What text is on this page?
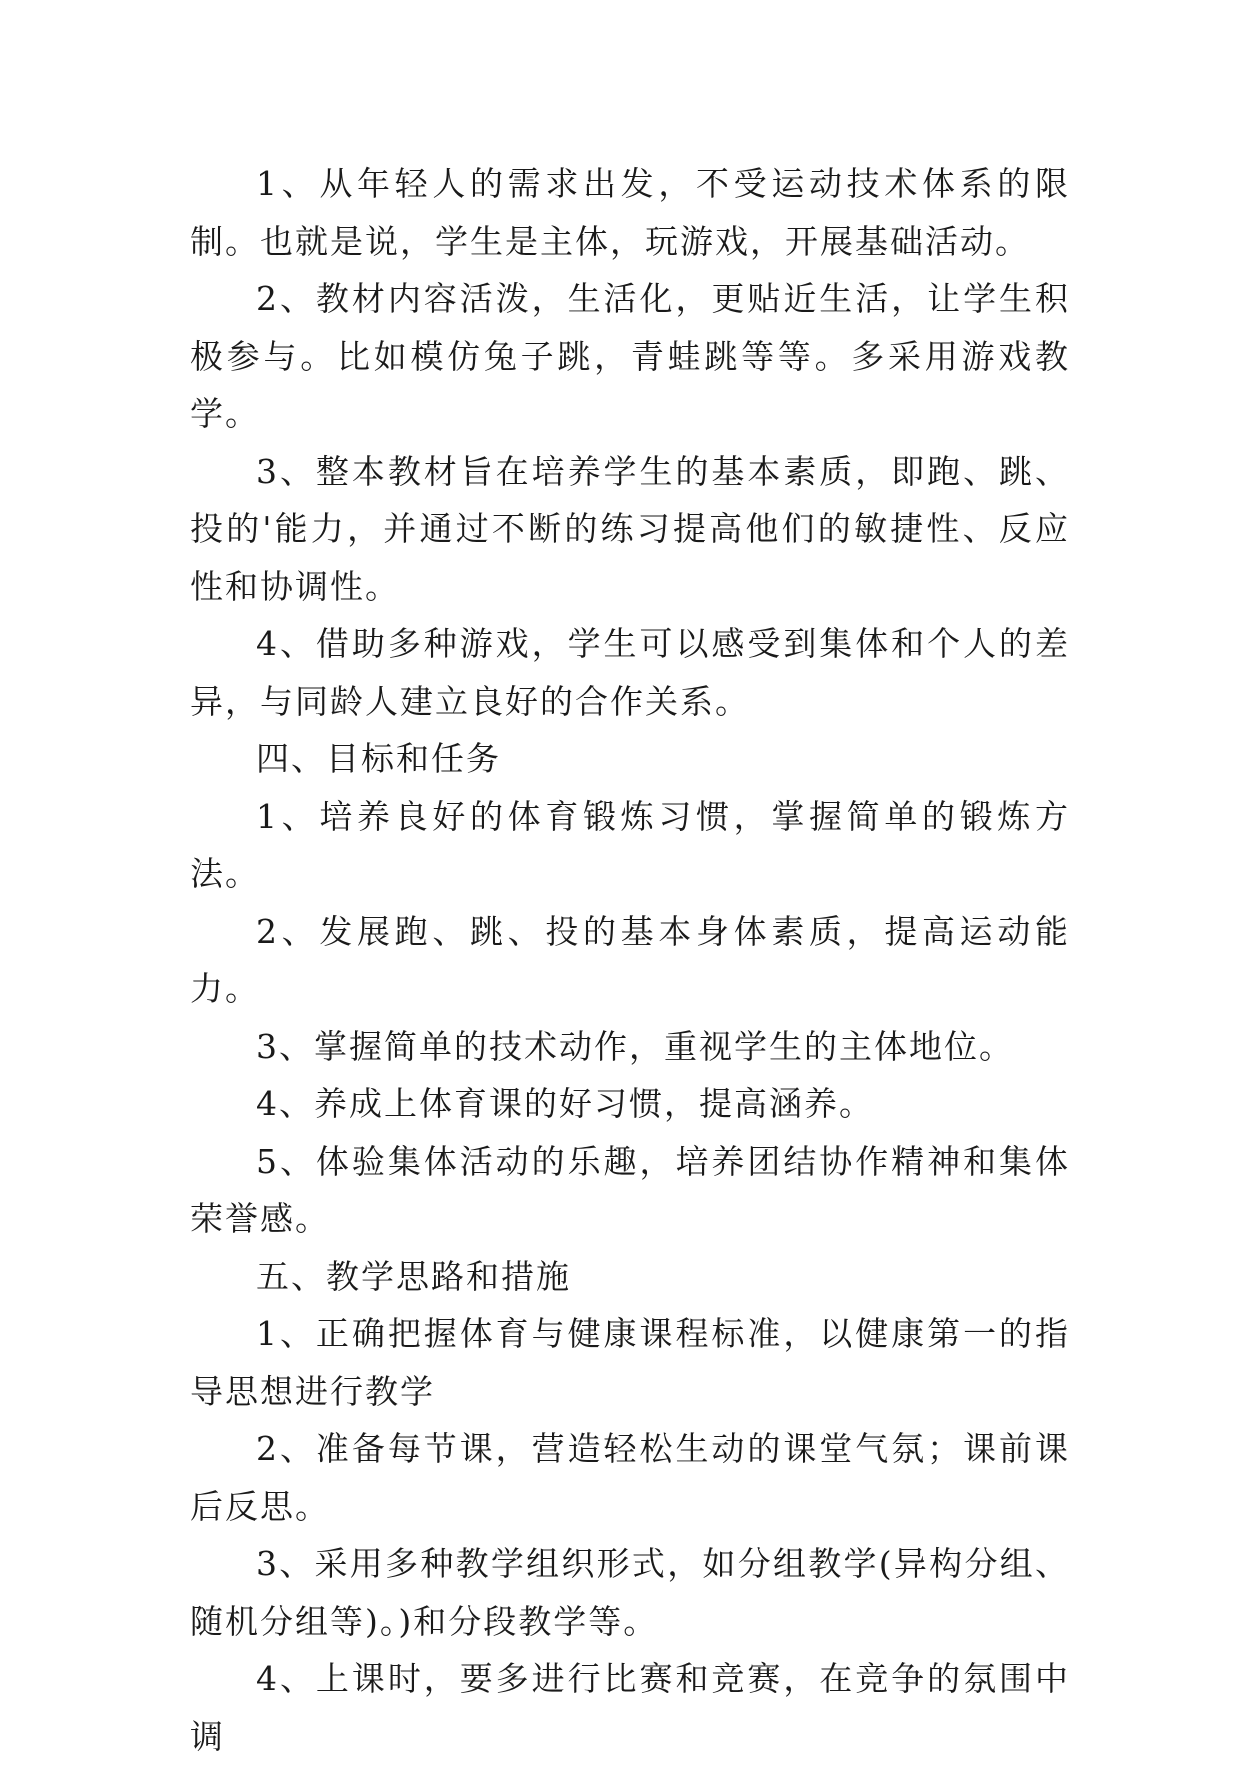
1、从年轻人的需求出发，不受运动技术体系的限制。也就是说，学生是主体，玩游戏，开展基础活动。

2、教材内容活泼，生活化，更贴近生活，让学生积极参与。比如模仿兔子跳，青蛙跳等等。多采用游戏教学。

3、整本教材旨在培养学生的基本素质，即跑、跳、投的'能力，并通过不断的练习提高他们的敏捷性、反应性和协调性。

4、借助多种游戏，学生可以感受到集体和个人的差异，与同龄人建立良好的合作关系。

四、目标和任务

1、培养良好的体育锻炼习惯，掌握简单的锻炼方法。

2、发展跑、跳、投的基本身体素质，提高运动能力。

3、掌握简单的技术动作，重视学生的主体地位。

4、养成上体育课的好习惯，提高涵养。

5、体验集体活动的乐趣，培养团结协作精神和集体荣誉感。

五、教学思路和措施

1、正确把握体育与健康课程标准，以健康第一的指导思想进行教学

2、准备每节课，营造轻松生动的课堂气氛；课前课后反思。

3、采用多种教学组织形式，如分组教学(异构分组、随机分组等)。)和分段教学等。

4、上课时，要多进行比赛和竞赛，在竞争的氛围中调
